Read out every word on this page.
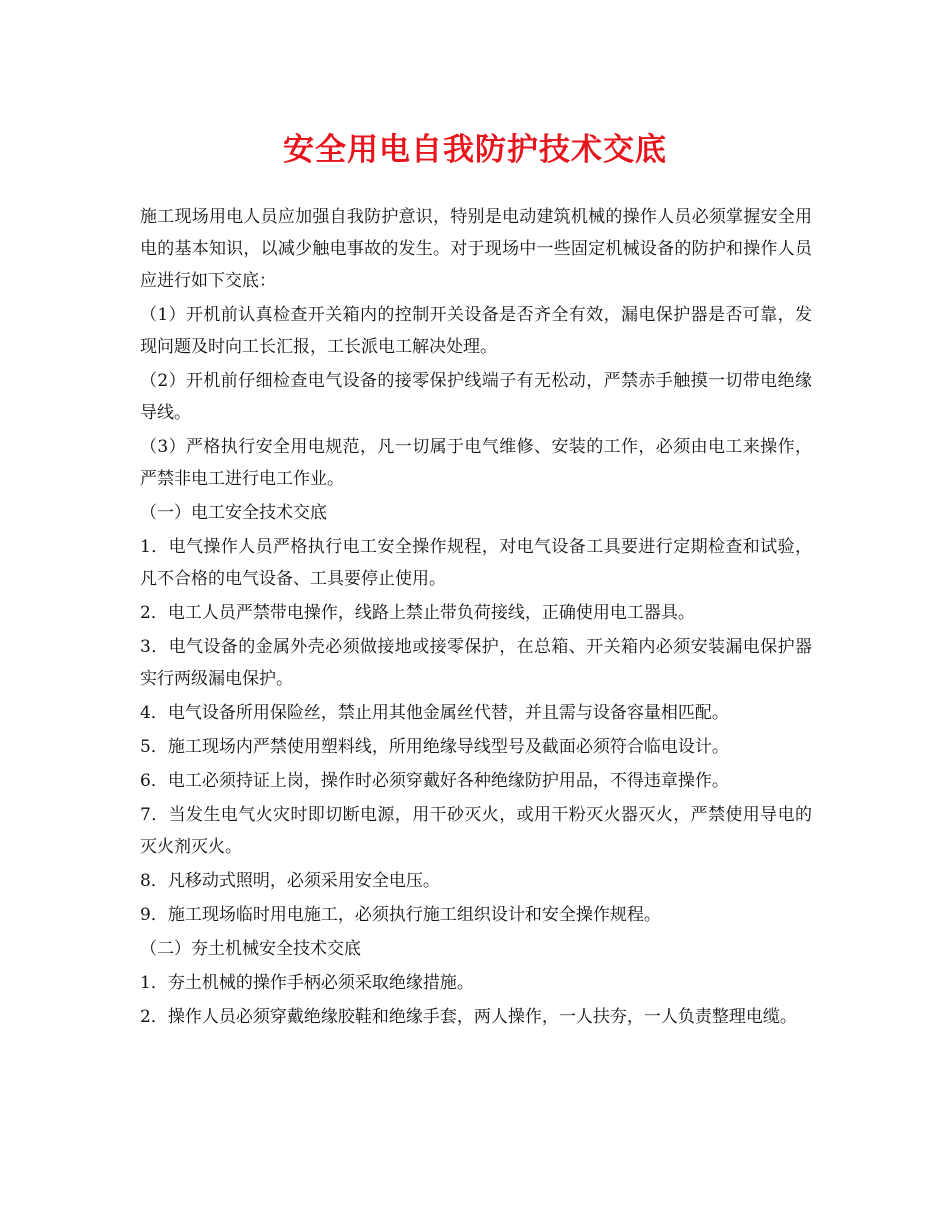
安全用电自我防护技术交底

施工现场用电人员应加强自我防护意识，特别是电动建筑机械的操作人员必须掌握安全用电的基本知识，以减少触电事故的发生。对于现场中一些固定机械设备的防护和操作人员应进行如下交底：

（1）开机前认真检查开关箱内的控制开关设备是否齐全有效，漏电保护器是否可靠，发现问题及时向工长汇报，工长派电工解决处理。

（2）开机前仔细检查电气设备的接零保护线端子有无松动，严禁赤手触摸一切带电绝缘导线。

（3）严格执行安全用电规范，凡一切属于电气维修、安装的工作，必须由电工来操作，严禁非电工进行电工作业。

（一）电工安全技术交底

1．电气操作人员严格执行电工安全操作规程，对电气设备工具要进行定期检查和试验，凡不合格的电气设备、工具要停止使用。

2．电工人员严禁带电操作，线路上禁止带负荷接线，正确使用电工器具。

3．电气设备的金属外壳必须做接地或接零保护，在总箱、开关箱内必须安装漏电保护器实行两级漏电保护。

4．电气设备所用保险丝，禁止用其他金属丝代替，并且需与设备容量相匹配。

5．施工现场内严禁使用塑料线，所用绝缘导线型号及截面必须符合临电设计。

6．电工必须持证上岗，操作时必须穿戴好各种绝缘防护用品，不得违章操作。

7．当发生电气火灾时即切断电源，用干砂灭火，或用干粉灭火器灭火，严禁使用导电的灭火剂灭火。

8．凡移动式照明，必须采用安全电压。

9．施工现场临时用电施工，必须执行施工组织设计和安全操作规程。

（二）夯土机械安全技术交底

1．夯土机械的操作手柄必须采取绝缘措施。

2．操作人员必须穿戴绝缘胶鞋和绝缘手套，两人操作，一人扶夯，一人负责整理电缆。
